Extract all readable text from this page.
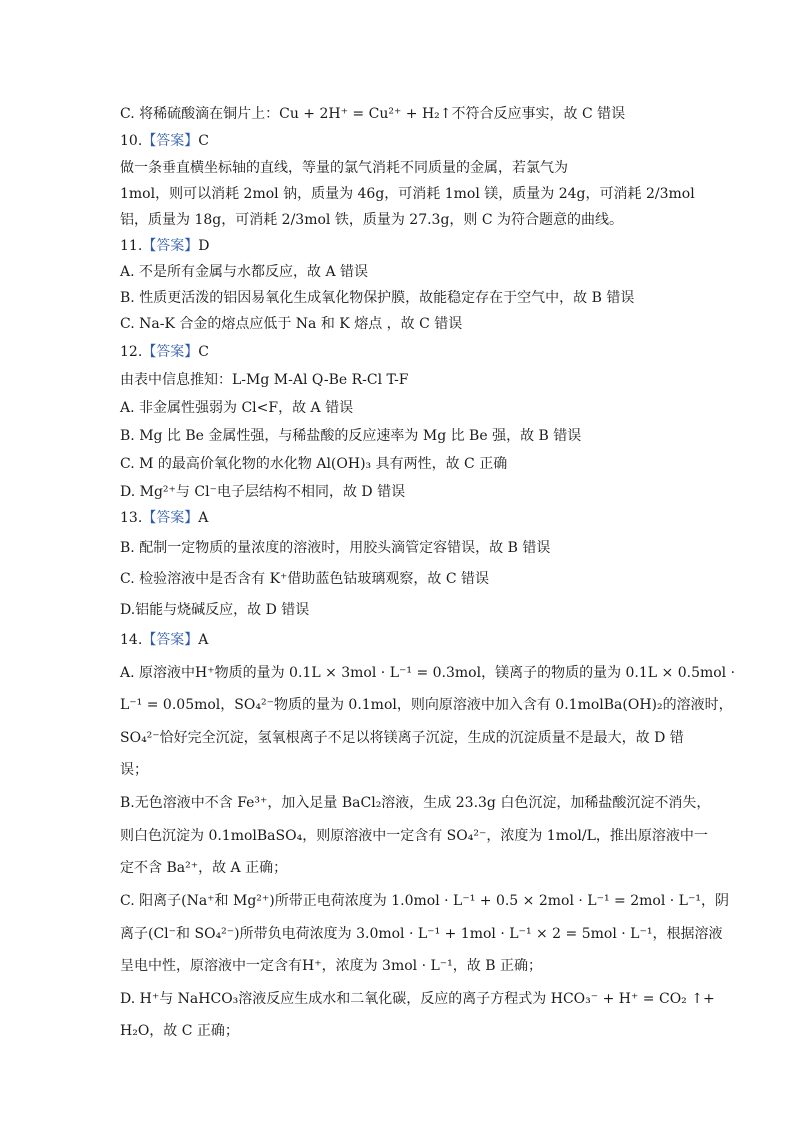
C. 将稀硫酸滴在铜片上：Cu + 2H⁺ = Cu²⁺ + H₂↑不符合反应事实，故 C 错误
10.【答案】C
做一条垂直横坐标轴的直线，等量的氯气消耗不同质量的金属，若氯气为
1mol，则可以消耗 2mol 钠，质量为 46g，可消耗 1mol 镁，质量为 24g，可消耗 2/3mol
铝，质量为 18g，可消耗 2/3mol 铁，质量为 27.3g，则 C 为符合题意的曲线。
11.【答案】D
A. 不是所有金属与水都反应，故 A 错误
B. 性质更活泼的铝因易氧化生成氧化物保护膜，故能稳定存在于空气中，故 B 错误
C. Na-K 合金的熔点应低于 Na 和 K 熔点 ，故 C 错误
12.【答案】C
由表中信息推知：L-Mg M-Al Q-Be R-Cl T-F
A. 非金属性强弱为 Cl<F，故 A 错误
B. Mg 比 Be 金属性强，与稀盐酸的反应速率为 Mg 比 Be 强，故 B 错误
C. M 的最高价氧化物的水化物 Al(OH)₃ 具有两性，故 C 正确
D. Mg²⁺与 Cl⁻电子层结构不相同，故 D 错误
13.【答案】A
B. 配制一定物质的量浓度的溶液时，用胶头滴管定容错误，故 B 错误
C. 检验溶液中是否含有 K⁺借助蓝色钴玻璃观察，故 C 错误
D.铝能与烧碱反应，故 D 错误
14.【答案】A
A. 原溶液中H⁺物质的量为 0.1L × 3mol · L⁻¹ = 0.3mol，镁离子的物质的量为 0.1L × 0.5mol ·
L⁻¹ = 0.05mol，SO₄²⁻物质的量为 0.1mol，则向原溶液中加入含有 0.1molBa(OH)₂的溶液时，
SO₄²⁻恰好完全沉淀，氢氧根离子不足以将镁离子沉淀，生成的沉淀质量不是最大，故 D 错
误；
B.无色溶液中不含 Fe³⁺，加入足量 BaCl₂溶液，生成 23.3g 白色沉淀，加稀盐酸沉淀不消失，
则白色沉淀为 0.1molBaSO₄，则原溶液中一定含有 SO₄²⁻，浓度为 1mol/L，推出原溶液中一
定不含 Ba²⁺，故 A 正确；
C. 阳离子(Na⁺和 Mg²⁺)所带正电荷浓度为 1.0mol · L⁻¹ + 0.5 × 2mol · L⁻¹ = 2mol · L⁻¹，阴
离子(Cl⁻和 SO₄²⁻)所带负电荷浓度为 3.0mol · L⁻¹ + 1mol · L⁻¹ × 2 = 5mol · L⁻¹，根据溶液
呈电中性，原溶液中一定含有H⁺，浓度为 3mol · L⁻¹，故 B 正确；
D. H⁺与 NaHCO₃溶液反应生成水和二氧化碳，反应的离子方程式为 HCO₃⁻ + H⁺ = CO₂ ↑+
H₂O，故 C 正确；
